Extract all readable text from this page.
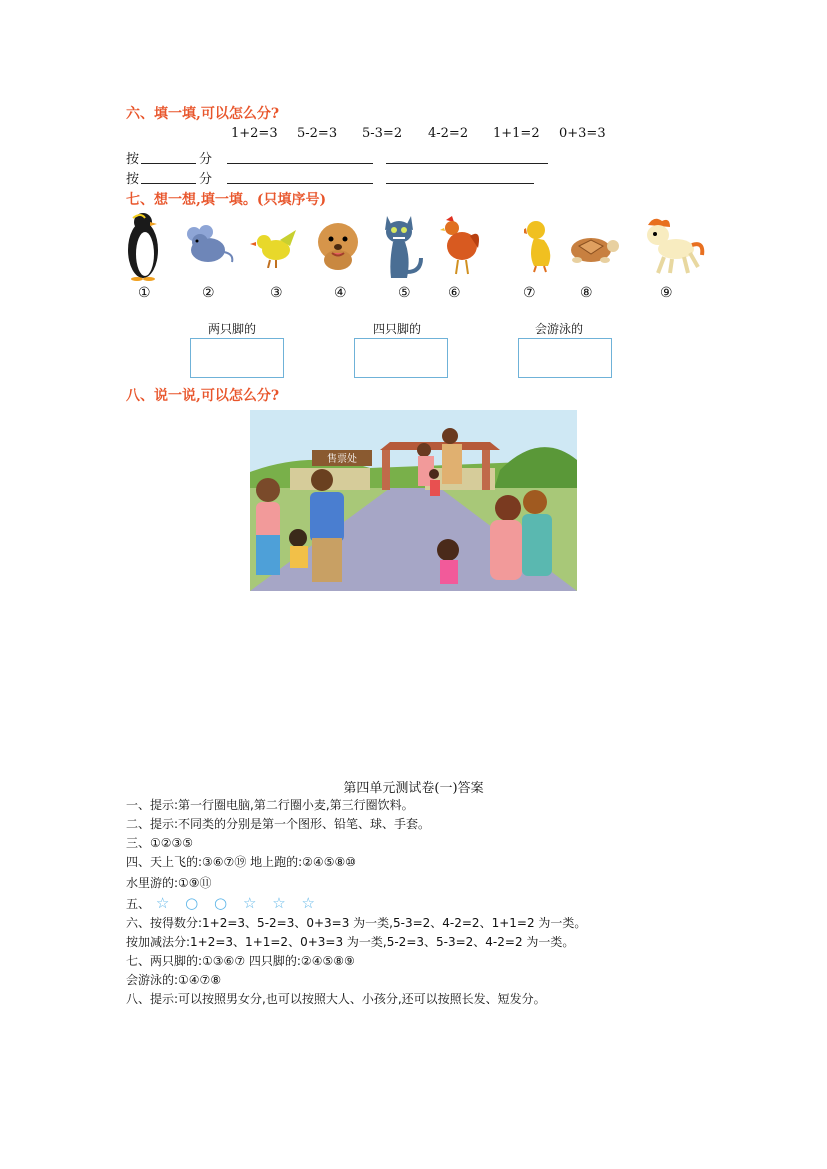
六、填一填,可以怎么分?
1+2=3 5-2=3 5-3=2 4-2=2 1+1=2 0+3=3
按	分
按	分
七、想一想,填一填。(只填序号)
①	②	③	④	⑤	⑥	⑦	⑧	⑨
两只脚的	四只脚的	会游泳的
八、说一说,可以怎么分?
售票处
第四单元测试卷(一)答案
一、提示:第一行圈电脑,第二行圈小麦,第三行圈饮料。
二、提示:不同类的分别是第一个图形、铅笔、球、手套。
三、①②③⑤
四、天上飞的:③⑥⑦⑲ 地上跑的:②④⑤⑧⑩
水里游的:①⑨⑪
五、 ☆ ○ ○ ☆ ☆ ☆
六、按得数分:1+2=3、5-2=3、0+3=3 为一类,5-3=2、4-2=2、1+1=2 为一类。
按加减法分:1+2=3、1+1=2、0+3=3 为一类,5-2=3、5-3=2、4-2=2 为一类。
七、两只脚的:①③⑥⑦ 四只脚的:②④⑤⑧⑨
会游泳的:①④⑦⑧
八、提示:可以按照男女分,也可以按照大人、小孩分,还可以按照长发、短发分。
